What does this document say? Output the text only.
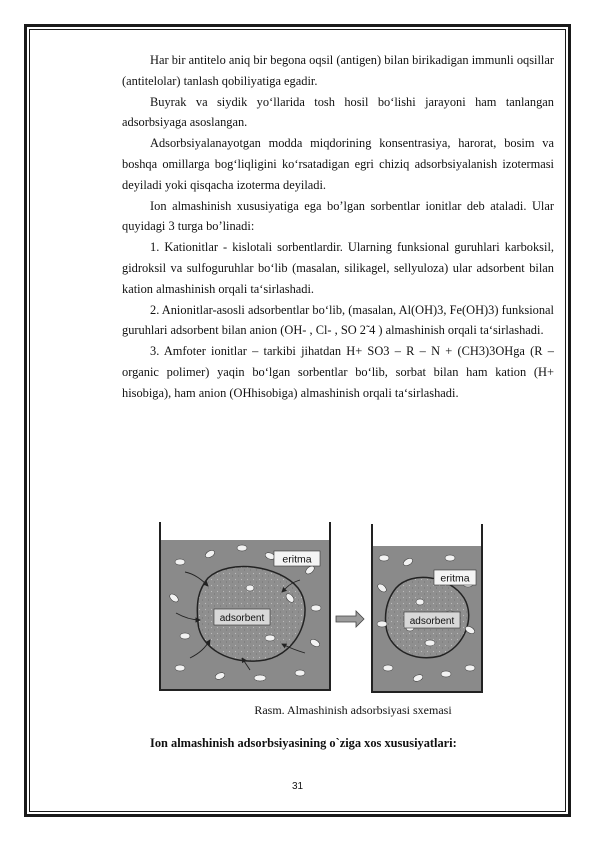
Har bir antitelo aniq bir begona oqsil (antigen) bilan birikadigan immunli oqsillar (antitelolar) tanlash qobiliyatiga egadir.

Buyrak va siydik yo‘llarida tosh hosil bo‘lishi jarayoni ham tanlangan adsorbsiyaga asoslangan.

Adsorbsiyalanayotgan modda miqdorining konsentrasiya, harorat, bosim va boshqa omillarga bog‘liqligini ko‘rsatadigan egri chiziq adsorbsiyalanish izotermasi deyiladi yoki qisqacha izoterma deyiladi.

Ion almashinish xususiyatiga ega bo’lgan sorbentlar ionitlar deb ataladi. Ular quyidagi 3 turga bo’linadi:

1. Kationitlar - kislotali sorbentlardir. Ularning funksional guruhlari karboksil, gidroksil va sulfoguruhlar bo‘lib (masalan, silikagel, sellyuloza) ular adsorbent bilan kation almashinish orqali ta‘sirlashadi.

2. Anionitlar-asosli adsorbentlar bo‘lib, (masalan, Al(OH)3, Fe(OH)3) funksional guruhlari adsorbent bilan anion (OH- , Cl- , SO 2̃ 4 ) almashinish orqali ta‘sirlashadi.

3. Amfoter ionitlar – tarkibi jihatdan H+ SO3 – R – N + (CH3)3OHga (R – organic polimer) yaqin bo‘lgan sorbentlar bo‘lib, sorbat bilan ham kation (H+ hisobiga), ham anion (OHhisobiga) almashinish orqali ta‘sirlashadi.

eritma
adsorbent
eritma
adsorbent
Rasm. Almashinish adsorbsiyasi sxemasi
Ion almashinish adsorbsiyasining o`ziga xos xususiyatlari:
31
